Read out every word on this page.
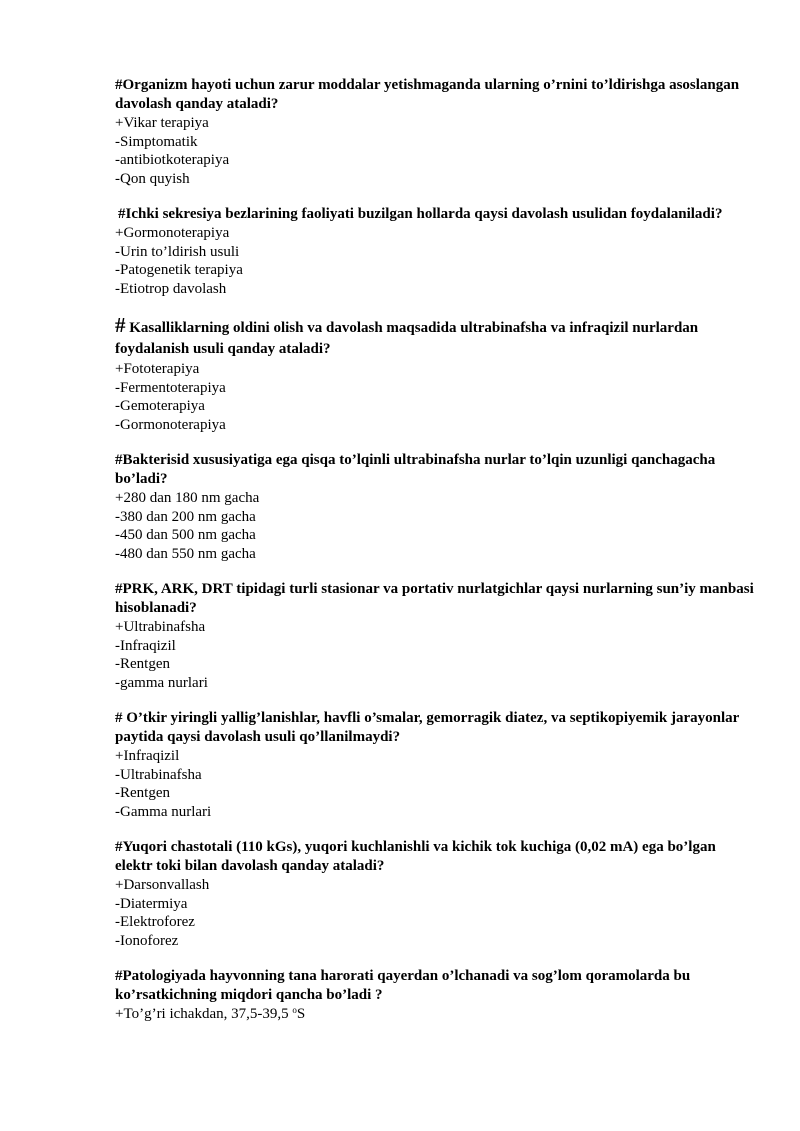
#Organizm hayoti uchun zarur moddalar yetishmaganda ularning o’rnini to’ldirishga asoslangan davolash qanday ataladi?

+Vikar terapiya

-Simptomatik

-antibiotkoterapiya

-Qon quyish

#Ichki sekresiya bezlarining faoliyati buzilgan hollarda qaysi davolash usulidan foydalaniladi?

+Gormonoterapiya

-Urin to’ldirish usuli

-Patogenetik terapiya

-Etiotrop davolash

# Kasalliklarning oldini olish va davolash maqsadida ultrabinafsha va infraqizil nurlardan foydalanish usuli qanday ataladi?

+Fototerapiya

-Fermentoterapiya

-Gemoterapiya

-Gormonoterapiya

#Bakterisid xususiyatiga ega qisqa to’lqinli ultrabinafsha nurlar to’lqin uzunligi qanchagacha bo’ladi?

+280 dan 180 nm gacha

-380 dan 200 nm gacha

-450 dan 500 nm gacha

-480 dan 550 nm gacha

#PRK, ARK, DRT tipidagi turli stasionar va portativ nurlatgichlar qaysi nurlarning sun’iy manbasi hisoblanadi?

+Ultrabinafsha

-Infraqizil

-Rentgen

-gamma nurlari

# O’tkir yiringli yallig’lanishlar, havfli o’smalar, gemorragik diatez, va septikopiyemik jarayonlar paytida qaysi davolash usuli qo’llanilmaydi?

+Infraqizil

-Ultrabinafsha

-Rentgen

-Gamma nurlari

#Yuqori chastotali (110 kGs), yuqori kuchlanishli va kichik tok kuchiga (0,02 mA) ega bo’lgan elektr toki bilan davolash qanday ataladi?

+Darsonvallash

-Diatermiya

-Elektroforez

-Ionoforez

#Patologiyada hayvonning tana harorati qayerdan o’lchanadi va sog’lom qoramolarda bu ko’rsatkichning miqdori qancha bo’ladi ?

+To’g’ri ichakdan, 37,5-39,5 $^o$S
